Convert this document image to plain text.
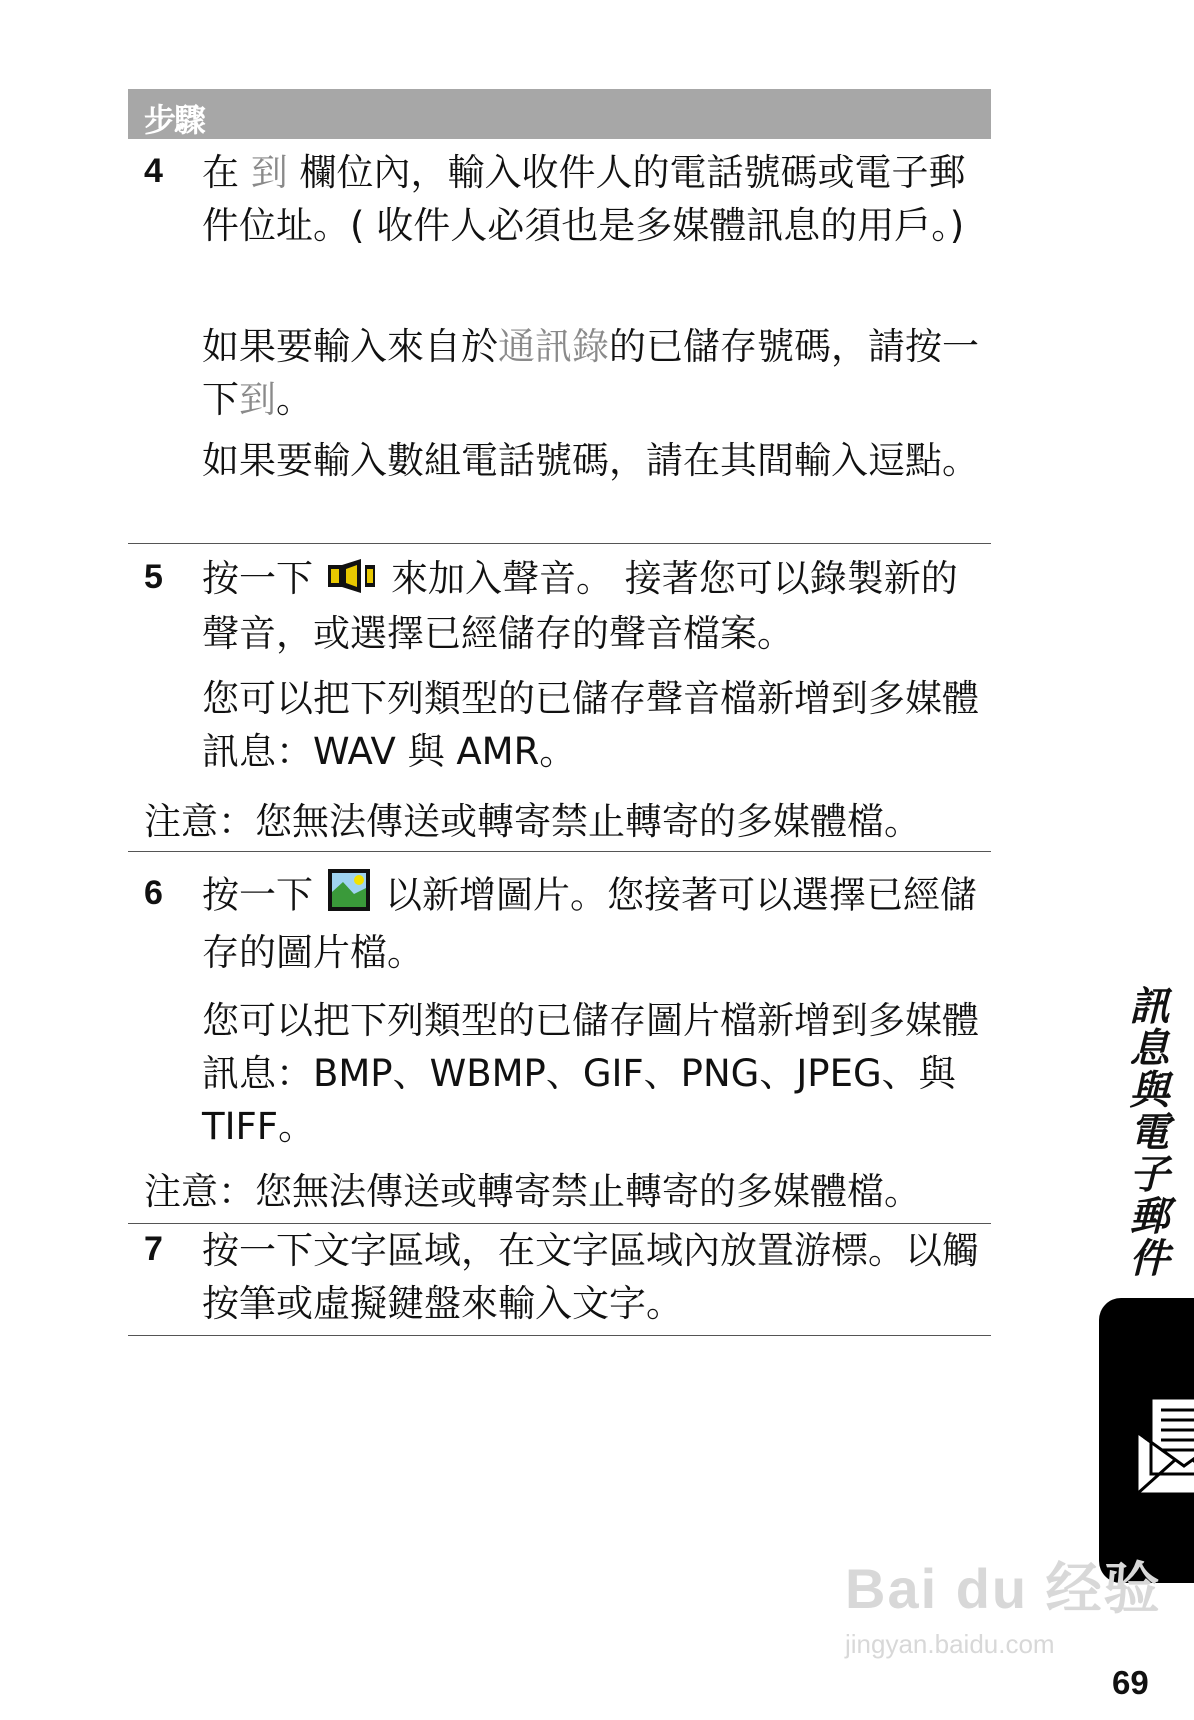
步驟
4 在 到 欄位內，輸入收件人的電話號碼或電子郵件位址。( 收件人必須也是多媒體訊息的用戶。)
如果要輸入來自於通訊錄的已儲存號碼，請按一下到。
如果要輸入數組電話號碼，請在其間輸入逗點。
5 按一下 來加入聲音。 接著您可以錄製新的聲音，或選擇已經儲存的聲音檔案。
您可以把下列類型的已儲存聲音檔新增到多媒體訊息：WAV 與 AMR。
注意：您無法傳送或轉寄禁止轉寄的多媒體檔。
6 按一下 以新增圖片。您接著可以選擇已經儲存的圖片檔。
您可以把下列類型的已儲存圖片檔新增到多媒體訊息：BMP、WBMP、GIF、PNG、JPEG、與 TIFF。
注意：您無法傳送或轉寄禁止轉寄的多媒體檔。
7 按一下文字區域，在文字區域內放置游標。以觸按筆或虛擬鍵盤來輸入文字。
訊息與電子郵件
Bai du 经验
jingyan.baidu.com
69
